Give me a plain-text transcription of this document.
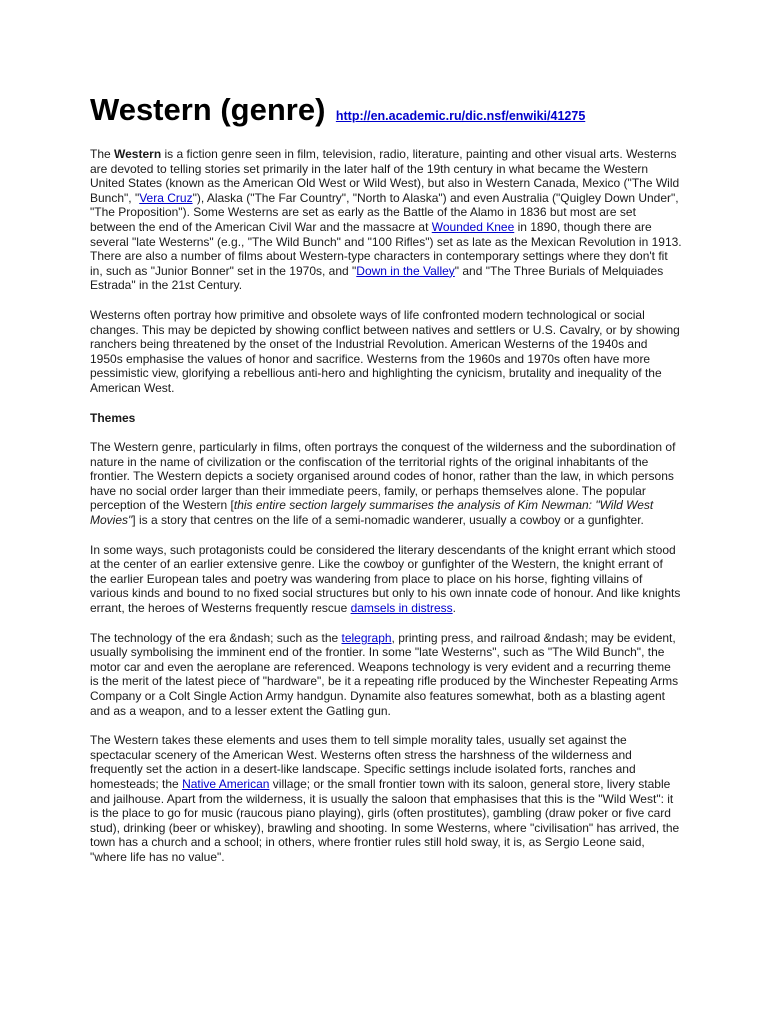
Western (genre) http://en.academic.ru/dic.nsf/enwiki/41275

The Western is a fiction genre seen in film, television, radio, literature, painting and other visual arts. Westerns are devoted to telling stories set primarily in the later half of the 19th century in what became the Western United States (known as the American Old West or Wild West), but also in Western Canada, Mexico ("The Wild Bunch", "Vera Cruz"), Alaska ("The Far Country", "North to Alaska") and even Australia ("Quigley Down Under", "The Proposition"). Some Westerns are set as early as the Battle of the Alamo in 1836 but most are set between the end of the American Civil War and the massacre at Wounded Knee in 1890, though there are several "late Westerns" (e.g., "The Wild Bunch" and "100 Rifles") set as late as the Mexican Revolution in 1913. There are also a number of films about Western-type characters in contemporary settings where they don't fit in, such as "Junior Bonner" set in the 1970s, and "Down in the Valley" and "The Three Burials of Melquiades Estrada" in the 21st Century.

Westerns often portray how primitive and obsolete ways of life confronted modern technological or social changes. This may be depicted by showing conflict between natives and settlers or U.S. Cavalry, or by showing ranchers being threatened by the onset of the Industrial Revolution. American Westerns of the 1940s and 1950s emphasise the values of honor and sacrifice. Westerns from the 1960s and 1970s often have more pessimistic view, glorifying a rebellious anti-hero and highlighting the cynicism, brutality and inequality of the American West.

Themes

The Western genre, particularly in films, often portrays the conquest of the wilderness and the subordination of nature in the name of civilization or the confiscation of the territorial rights of the original inhabitants of the frontier. The Western depicts a society organised around codes of honor, rather than the law, in which persons have no social order larger than their immediate peers, family, or perhaps themselves alone. The popular perception of the Western [this entire section largely summarises the analysis of Kim Newman: "Wild West Movies"] is a story that centres on the life of a semi-nomadic wanderer, usually a cowboy or a gunfighter.

In some ways, such protagonists could be considered the literary descendants of the knight errant which stood at the center of an earlier extensive genre. Like the cowboy or gunfighter of the Western, the knight errant of the earlier European tales and poetry was wandering from place to place on his horse, fighting villains of various kinds and bound to no fixed social structures but only to his own innate code of honour. And like knights errant, the heroes of Westerns frequently rescue damsels in distress.

The technology of the era &ndash; such as the telegraph, printing press, and railroad &ndash; may be evident, usually symbolising the imminent end of the frontier. In some "late Westerns", such as "The Wild Bunch", the motor car and even the aeroplane are referenced. Weapons technology is very evident and a recurring theme is the merit of the latest piece of "hardware", be it a repeating rifle produced by the Winchester Repeating Arms Company or a Colt Single Action Army handgun. Dynamite also features somewhat, both as a blasting agent and as a weapon, and to a lesser extent the Gatling gun.

The Western takes these elements and uses them to tell simple morality tales, usually set against the spectacular scenery of the American West. Westerns often stress the harshness of the wilderness and frequently set the action in a desert-like landscape. Specific settings include isolated forts, ranches and homesteads; the Native American village; or the small frontier town with its saloon, general store, livery stable and jailhouse. Apart from the wilderness, it is usually the saloon that emphasises that this is the "Wild West": it is the place to go for music (raucous piano playing), girls (often prostitutes), gambling (draw poker or five card stud), drinking (beer or whiskey), brawling and shooting. In some Westerns, where "civilisation" has arrived, the town has a church and a school; in others, where frontier rules still hold sway, it is, as Sergio Leone said, "where life has no value".
